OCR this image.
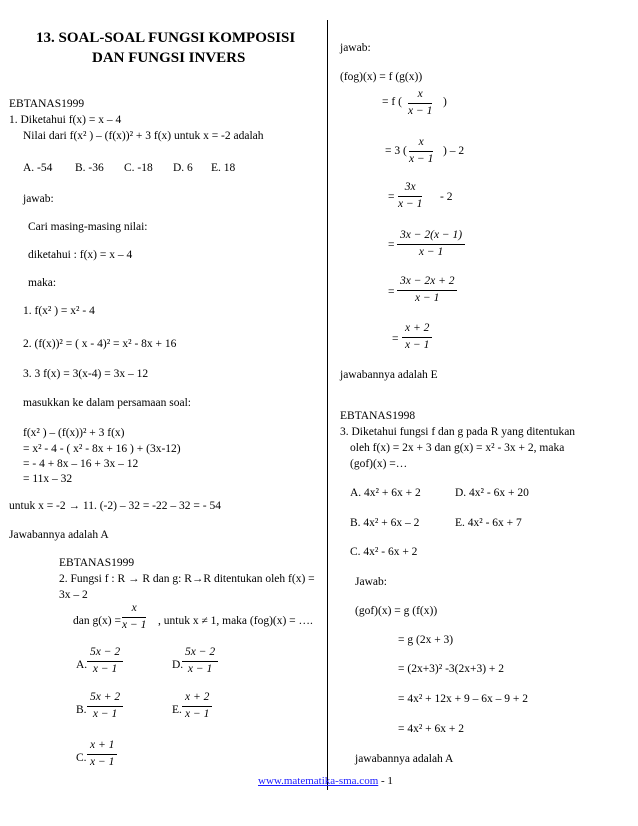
13. SOAL-SOAL FUNGSI KOMPOSISI
DAN FUNGSI INVERS
EBTANAS1999
1. Diketahui f(x) = x – 4
Nilai dari f(x² ) – (f(x))² + 3 f(x) untuk x = -2 adalah
A. -54 B. -36 C. -18 D. 6 E. 18
jawab:
Cari masing-masing nilai:
diketahui : f(x) = x – 4
maka:
1. f(x² ) = x² - 4
2. (f(x))² = ( x - 4)² = x² - 8x + 16
3. 3 f(x) = 3(x-4) = 3x – 12
masukkan ke dalam persamaan soal:
f(x² ) – (f(x))² + 3 f(x)
= x² - 4 - ( x² - 8x + 16 ) + (3x-12)
= - 4 + 8x – 16 + 3x – 12
= 11x – 32
untuk x = -2 → 11. (-2) – 32 = -22 – 32 = - 54
Jawabannya adalah A
EBTANAS1999
2. Fungsi f : R → R dan g: R→R ditentukan oleh f(x) =
3x – 2
dan $g(x) = \frac{x}{x - 1}$ , untuk x ≠ 1, maka (fog)(x) = ….
A. $\frac{5x - 2}{x - 1}$	D.
$\frac{5x - 2}{x - 1}$
B. $\frac{5x + 2}{x - 1}$	E. $\frac{x + 2}{x - 1}$
C. $\frac{x + 1}{x - 1}$
jawab:
(fog)(x) = f (g(x))
= f ( $\frac{x}{x - 1}$ )
= 3 ( $\frac{x}{x - 1}$ ) – 2
= $\frac{3x}{x - 1} - 2$
= $\frac{3x - 2(x - 1)}{x - 1}$
= $\frac{3x - 2x + 2}{x - 1}$
= $\frac{x + 2}{x - 1}$
jawabannya adalah E
EBTANAS1998
3. Diketahui fungsi f dan g pada R yang ditentukan
oleh f(x) = 2x + 3 dan g(x) = x² - 3x + 2, maka
(gof)(x) =…
A. 4x² + 6x + 2	D. 4x² - 6x + 20
B. 4x² + 6x – 2	E. 4x² - 6x + 7
C. 4x² - 6x + 2
Jawab:
(gof)(x) = g (f(x))
= g (2x + 3)
= (2x+3)² -3(2x+3) + 2
= 4x² + 12x + 9 – 6x – 9 + 2
= 4x² + 6x + 2
jawabannya adalah A
www.matematika-sma.com - 1
